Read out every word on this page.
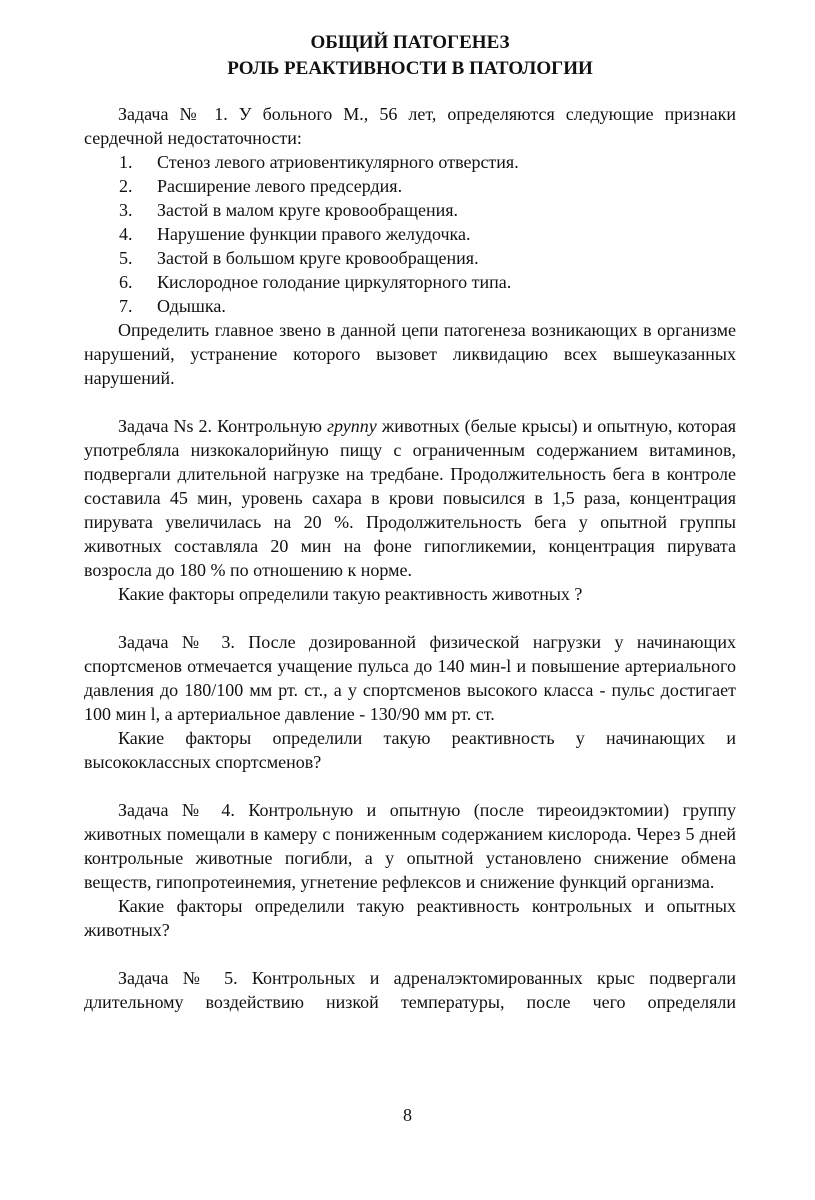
ОБЩИЙ ПАТОГЕНЕЗ
РОЛЬ РЕАКТИВНОСТИ В ПАТОЛОГИИ

Задача № 1. У больного М., 56 лет, определяются следующие признаки сердечной недостаточности:

1. Стеноз левого атриовентикулярного отверстия.
2. Расширение левого предсердия.
3. Застой в малом круге кровообращения.
4. Нарушение функции правого желудочка.
5. Застой в большом круге кровообращения.
6. Кислородное голодание циркуляторного типа.
7. Одышка.

Определить главное звено в данной цепи патогенеза возникающих в организме нарушений, устранение которого вызовет ликвидацию всех вышеуказанных нарушений.

Задача Ns 2. Контрольную группу животных (белые крысы) и опытную, которая употребляла низкокалорийную пищу с ограниченным содержанием витаминов, подвергали длительной нагрузке на тредбане. Продолжительность бега в контроле составила 45 мин, уровень сахара в крови повысился в 1,5 раза, концентрация пирувата увеличилась на 20 %. Продолжительность бега у опытной группы животных составляла 20 мин на фоне гипогликемии, концентрация пирувата возросла до 180 % по отношению к норме.

Какие факторы определили такую реактивность животных ?

Задача № 3. После дозированной физической нагрузки у начинающих спортсменов отмечается учащение пульса до 140 мин-l и повышение артериального давления до 180/100 мм рт. ст., а у спортсменов высокого класса - пульс достигает 100 мин l, а артериальное давление - 130/90 мм рт. ст.

Какие факторы определили такую реактивность у начинающих и высококлассных спортсменов?

Задача № 4. Контрольную и опытную (после тиреоидэктомии) группу животных помещали в камеру с пониженным содержанием кислорода. Через 5 дней контрольные животные погибли, а у опытной установлено снижение обмена веществ, гипопротеинемия, угнетение рефлексов и снижение функций организма.

Какие факторы определили такую реактивность контрольных и опытных животных?

Задача № 5. Контрольных и адреналэктомированных крыс подвергали длительному воздействию низкой температуры, после чего определяли

8
